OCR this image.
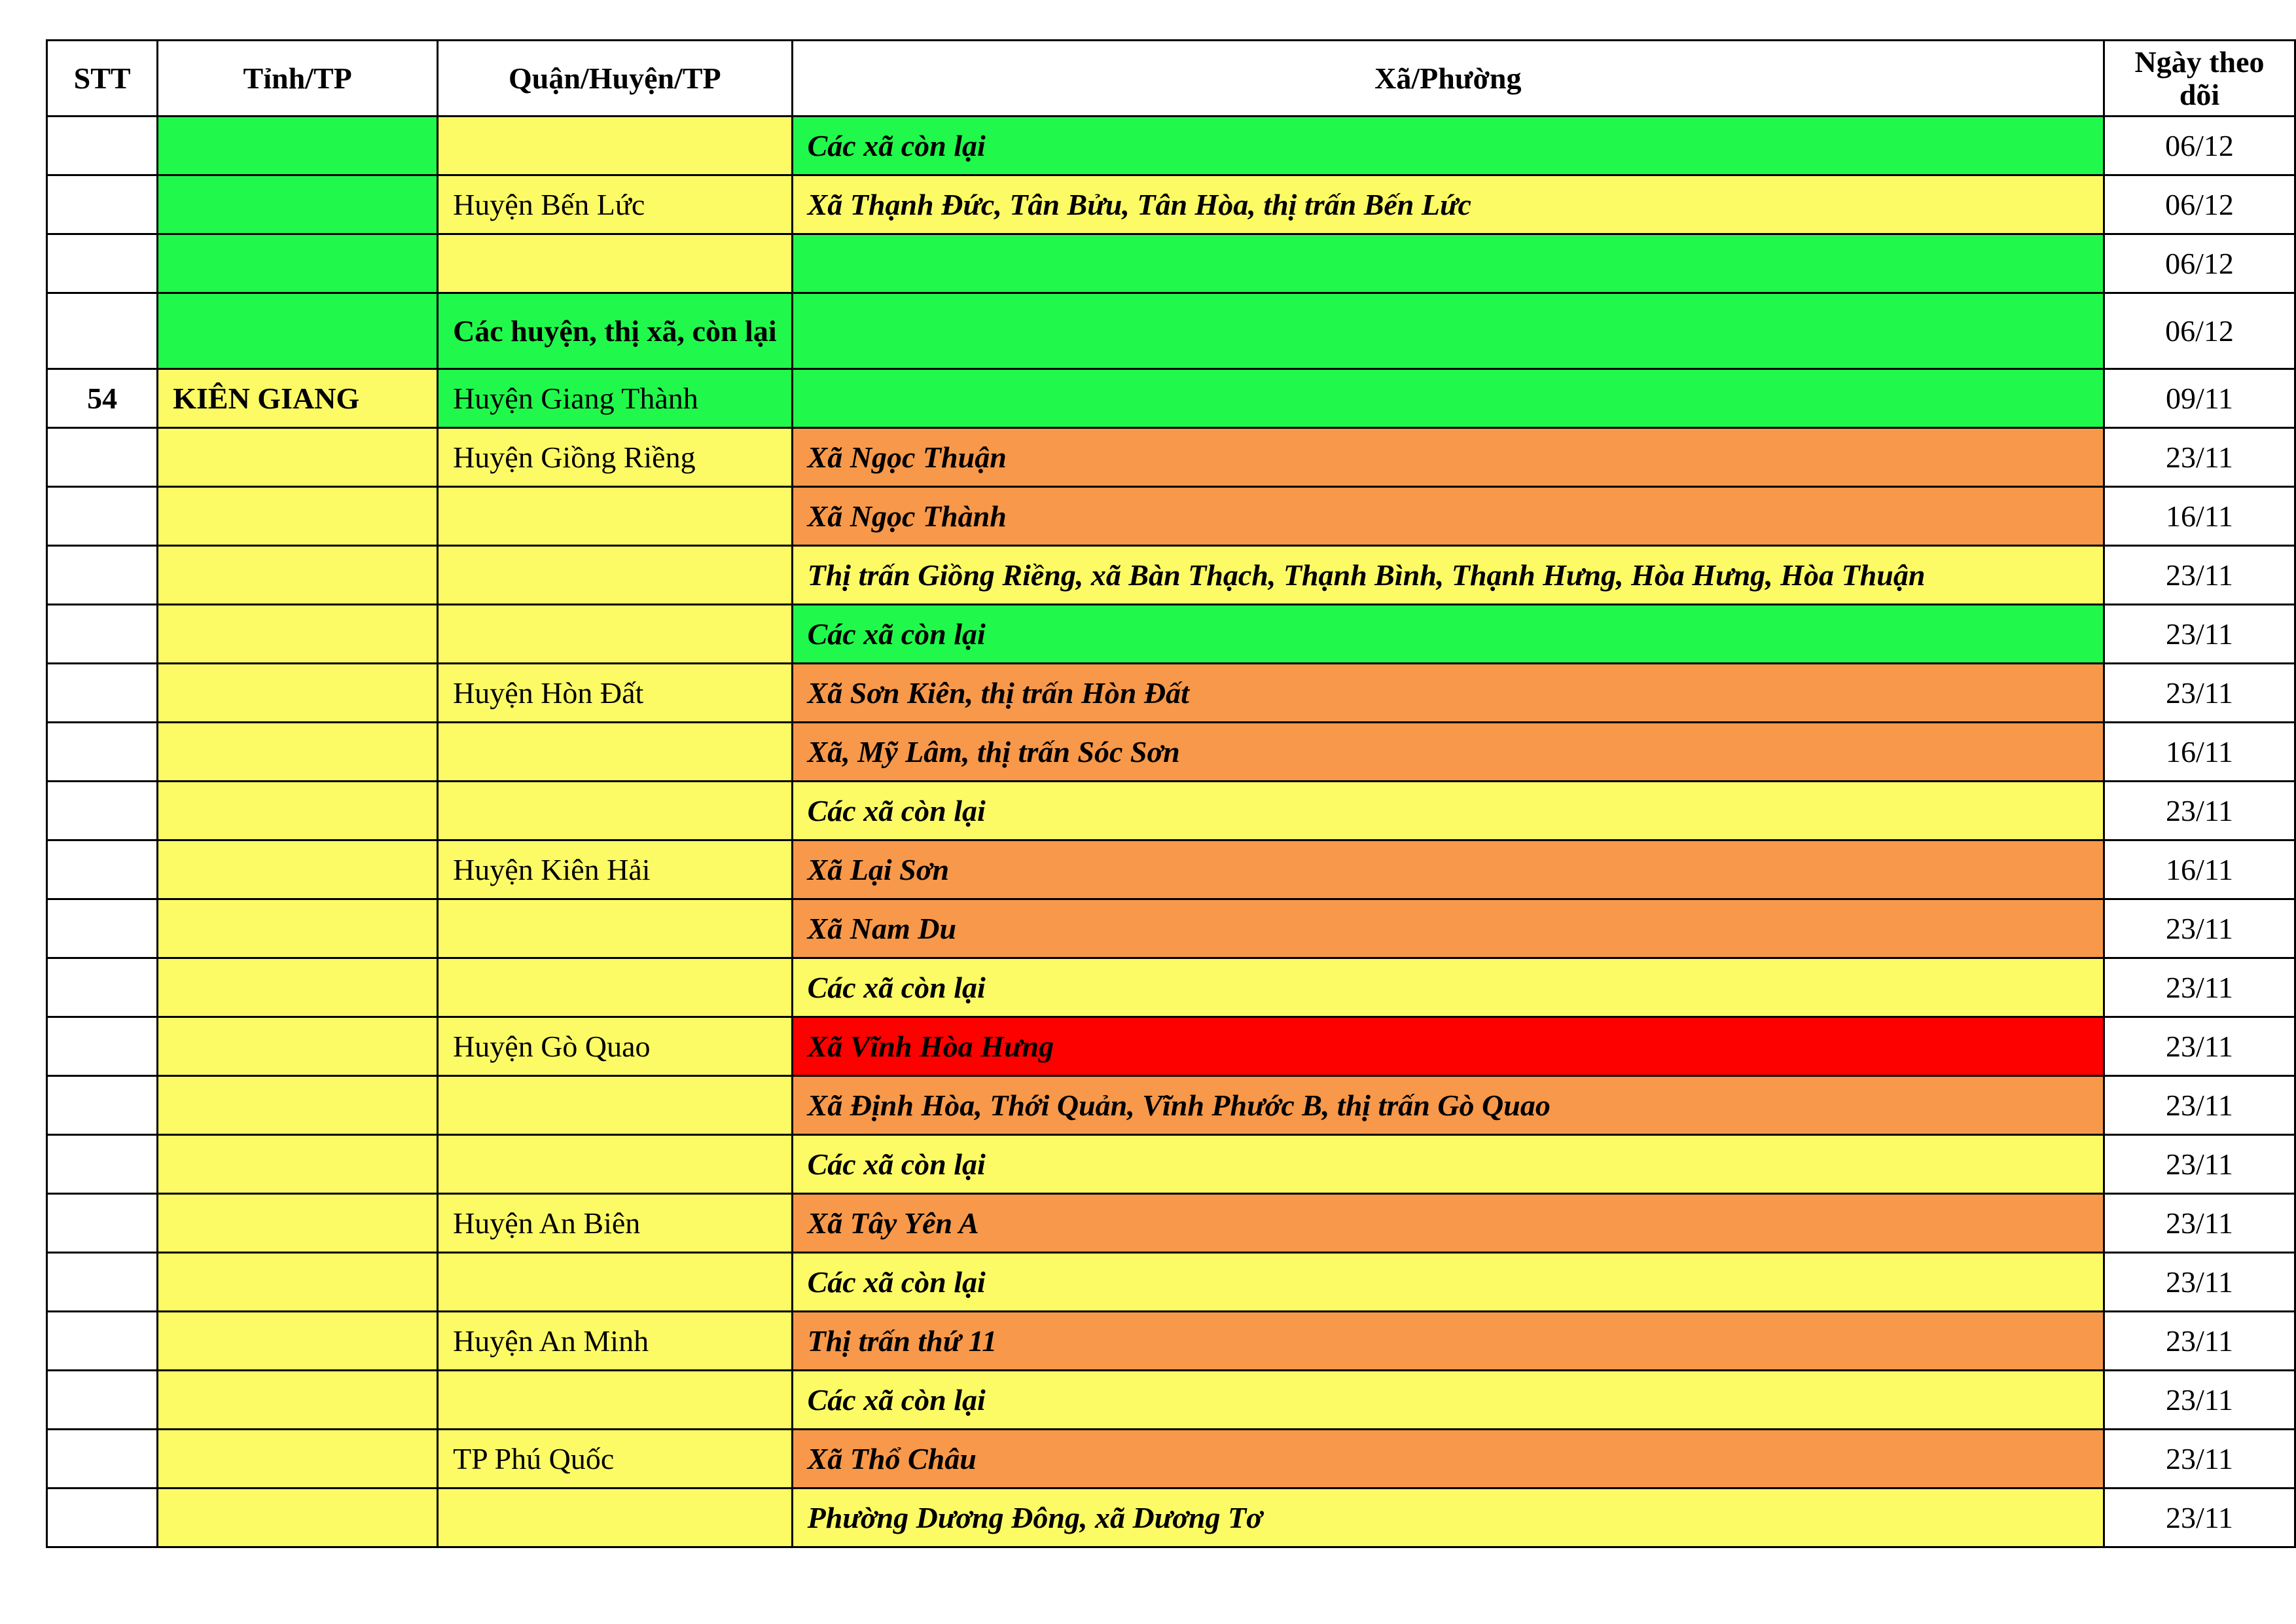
STT	Tỉnh/TP	Quận/Huyện/TP	Xã/Phường	Ngày theo dõi
			Các xã còn lại	06/12
		Huyện Bến Lức	Xã Thạnh Đức, Tân Bửu, Tân Hòa, thị trấn Bến Lức	06/12
				06/12
		Các huyện, thị xã, còn lại		06/12
54	KIÊN GIANG	Huyện Giang Thành		09/11
		Huyện Giồng Riềng	Xã Ngọc Thuận	23/11
			Xã Ngọc Thành	16/11
			Thị trấn Giồng Riềng, xã Bàn Thạch, Thạnh Bình, Thạnh Hưng, Hòa Hưng, Hòa Thuận	23/11
			Các xã còn lại	23/11
		Huyện Hòn Đất	Xã Sơn Kiên, thị trấn Hòn Đất	23/11
			Xã, Mỹ Lâm, thị trấn Sóc Sơn	16/11
			Các xã còn lại	23/11
		Huyện Kiên Hải	Xã Lại Sơn	16/11
			Xã Nam Du	23/11
			Các xã còn lại	23/11
		Huyện Gò Quao	Xã Vĩnh Hòa Hưng	23/11
			Xã Định Hòa, Thới Quản, Vĩnh Phước B, thị trấn Gò Quao	23/11
			Các xã còn lại	23/11
		Huyện An Biên	Xã Tây Yên A	23/11
			Các xã còn lại	23/11
		Huyện An Minh	Thị trấn thứ 11	23/11
			Các xã còn lại	23/11
		TP Phú Quốc	Xã Thổ Châu	23/11
			Phường Dương Đông, xã Dương Tơ	23/11
